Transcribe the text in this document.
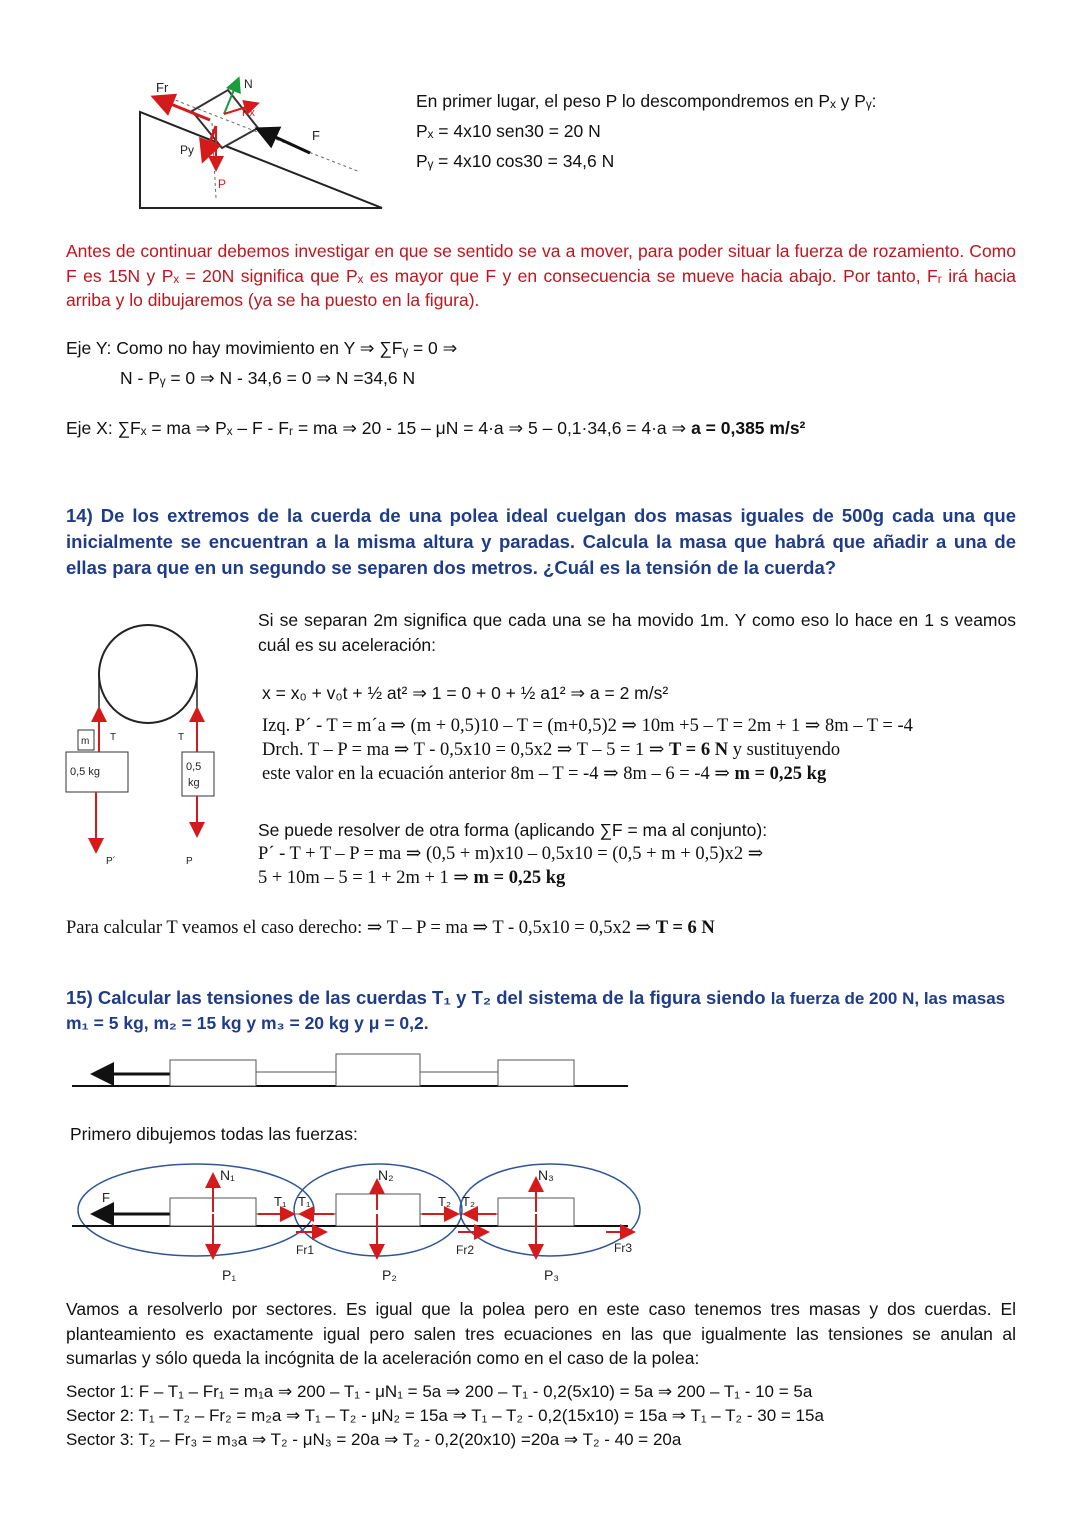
Fr	N
Px
Py
P
F
En primer lugar, el peso P lo descompondremos en Pₓ y Pᵧ:
Pₓ = 4x10 sen30 = 20 N
Pᵧ = 4x10 cos30 = 34,6 N
Antes de continuar debemos investigar en que se sentido se va a mover, para poder situar la fuerza de rozamiento. Como F es 15N y Pₓ = 20N significa que Pₓ es mayor que F y en consecuencia se mueve hacia abajo. Por tanto, Fᵣ irá hacia arriba y lo dibujaremos (ya se ha puesto en la figura).
Eje Y: Como no hay movimiento en Y ⇒ ∑Fᵧ = 0 ⇒
N - Pᵧ = 0 ⇒ N - 34,6 = 0 ⇒ N =34,6 N
Eje X: ∑Fₓ = ma ⇒ Pₓ – F - Fᵣ = ma ⇒ 20 - 15 – μN = 4·a ⇒ 5 – 0,1·34,6 = 4·a ⇒ a = 0,385 m/s²
14) De los extremos de la cuerda de una polea ideal cuelgan dos masas iguales de 500g cada una que inicialmente se encuentran a la misma altura y paradas. Calcula la masa que habrá que añadir a una de ellas para que en un segundo se separen dos metros. ¿Cuál es la tensión de la cuerda?
m T	T
0,5 kg	0,5
kg
P´	P
Si se separan 2m significa que cada una se ha movido 1m. Y como eso lo hace en 1 s veamos cuál es su aceleración:
x = x₀ + v₀t + ½ at² ⇒ 1 = 0 + 0 + ½ a1² ⇒ a = 2 m/s²
Izq. P´ - T = m´a ⇒ (m + 0,5)10 – T = (m+0,5)2 ⇒ 10m +5 – T = 2m + 1 ⇒ 8m – T = -4
Drch. T – P = ma ⇒ T - 0,5x10 = 0,5x2 ⇒ T – 5 = 1 ⇒ T = 6 N y sustituyendo
este valor en la ecuación anterior 8m – T = -4 ⇒ 8m – 6 = -4 ⇒ m = 0,25 kg
Se puede resolver de otra forma (aplicando ∑F = ma al conjunto):
P´ - T + T – P = ma ⇒ (0,5 + m)x10 – 0,5x10 = (0,5 + m + 0,5)x2 ⇒
5 + 10m – 5 = 1 + 2m + 1 ⇒ m = 0,25 kg
Para calcular T veamos el caso derecho: ⇒ T – P = ma ⇒ T - 0,5x10 = 0,5x2 ⇒ T = 6 N
15) Calcular las tensiones de las cuerdas T₁ y T₂ del sistema de la figura siendo la fuerza de 200 N, las masas
m₁ = 5 kg, m₂ = 15 kg y m₃ = 20 kg y μ = 0,2.
Primero dibujemos todas las fuerzas:
F
N₁	N₂	N₃
T₁ T₁	T₂ T₂
Fr1	Fr2	Fr3
P₁	P₂	P₃
Vamos a resolverlo por sectores. Es igual que la polea pero en este caso tenemos tres masas y dos cuerdas. El planteamiento es exactamente igual pero salen tres ecuaciones en las que igualmente las tensiones se anulan al sumarlas y sólo queda la incógnita de la aceleración como en el caso de la polea:
Sector 1: F – T₁ – Fr₁ = m₁a ⇒ 200 – T₁ - μN₁ = 5a ⇒ 200 – T₁ - 0,2(5x10) = 5a ⇒ 200 – T₁ - 10 = 5a
Sector 2: T₁ – T₂ – Fr₂ = m₂a ⇒ T₁ – T₂ - μN₂ = 15a ⇒ T₁ – T₂ - 0,2(15x10) = 15a ⇒ T₁ – T₂ - 30 = 15a
Sector 3: T₂ – Fr₃ = m₃a ⇒ T₂ - μN₃ = 20a ⇒ T₂ - 0,2(20x10) =20a ⇒ T₂ - 40 = 20a
